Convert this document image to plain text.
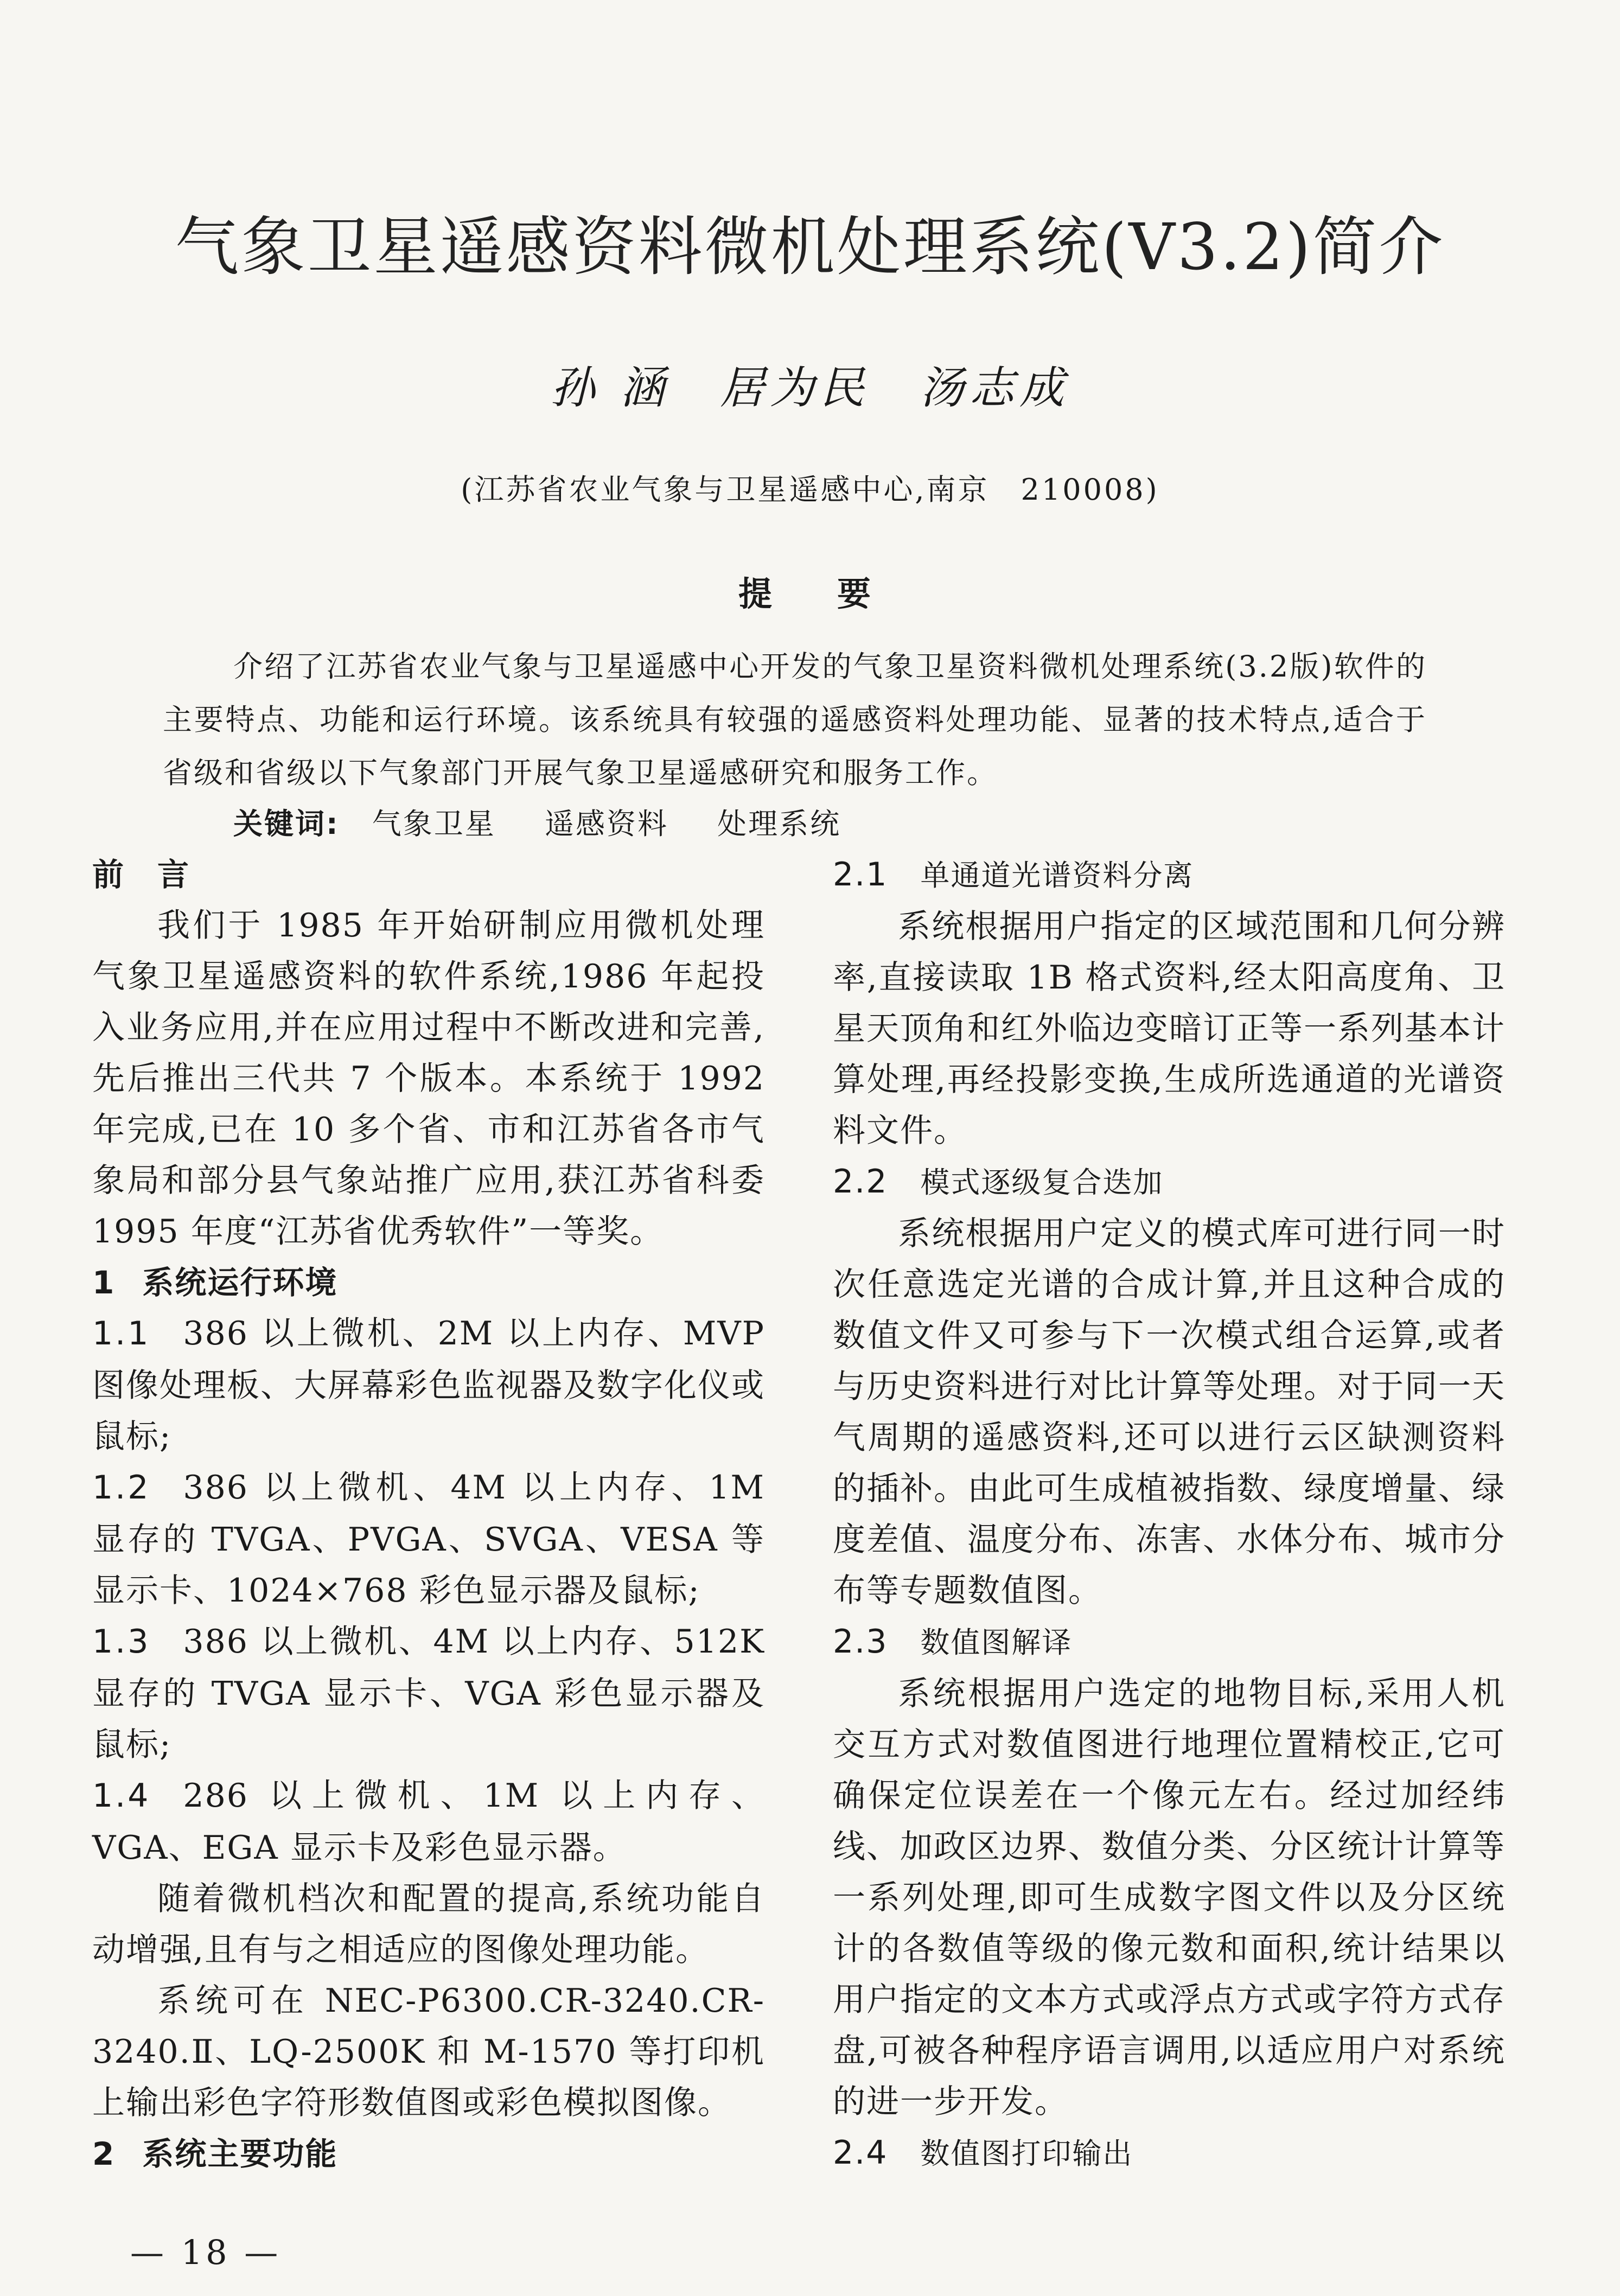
气象卫星遥感资料微机处理系统(V3.2)简介
孙 涵 居为民 汤志成
(江苏省农业气象与卫星遥感中心,南京　210008)
提要
介绍了江苏省农业气象与卫星遥感中心开发的气象卫星资料微机处理系统(3.2版)软件的主要特点、功能和运行环境。该系统具有较强的遥感资料处理功能、显著的技术特点,适合于省级和省级以下气象部门开展气象卫星遥感研究和服务工作。
关键词: 气象卫星 遥感资料 处理系统

前　言

我们于 1985 年开始研制应用微机处理气象卫星遥感资料的软件系统,1986 年起投入业务应用,并在应用过程中不断改进和完善,先后推出三代共 7 个版本。本系统于 1992 年完成,已在 10 多个省、市和江苏省各市气象局和部分县气象站推广应用,获江苏省科委 1995 年度“江苏省优秀软件”一等奖。

1 系统运行环境

1.1 386 以上微机、2M 以上内存、MVP 图像处理板、大屏幕彩色监视器及数字化仪或鼠标;

1.2 386 以上微机、4M 以上内存、1M 显存的 TVGA、PVGA、SVGA、VESA 等显示卡、1024×768 彩色显示器及鼠标;

1.3 386 以上微机、4M 以上内存、512K 显存的 TVGA 显示卡、VGA 彩色显示器及鼠标;

1.4 286 以上微机、1M 以上内存、VGA、EGA 显示卡及彩色显示器。

随着微机档次和配置的提高,系统功能自动增强,且有与之相适应的图像处理功能。

系统可在 NEC-P6300.CR-3240.CR-3240.Ⅱ、LQ-2500K 和 M-1570 等打印机上输出彩色字符形数值图或彩色模拟图像。

2 系统主要功能

2.1 单通道光谱资料分离

系统根据用户指定的区域范围和几何分辨率,直接读取 1B 格式资料,经太阳高度角、卫星天顶角和红外临边变暗订正等一系列基本计算处理,再经投影变换,生成所选通道的光谱资料文件。

2.2 模式逐级复合迭加

系统根据用户定义的模式库可进行同一时次任意选定光谱的合成计算,并且这种合成的数值文件又可参与下一次模式组合运算,或者与历史资料进行对比计算等处理。对于同一天气周期的遥感资料,还可以进行云区缺测资料的插补。由此可生成植被指数、绿度增量、绿度差值、温度分布、冻害、水体分布、城市分布等专题数值图。

2.3 数值图解译

系统根据用户选定的地物目标,采用人机交互方式对数值图进行地理位置精校正,它可确保定位误差在一个像元左右。经过加经纬线、加政区边界、数值分类、分区统计计算等一系列处理,即可生成数字图文件以及分区统计的各数值等级的像元数和面积,统计结果以用户指定的文本方式或浮点方式或字符方式存盘,可被各种程序语言调用,以适应用户对系统的进一步开发。

2.4 数值图打印输出

— 18 —
